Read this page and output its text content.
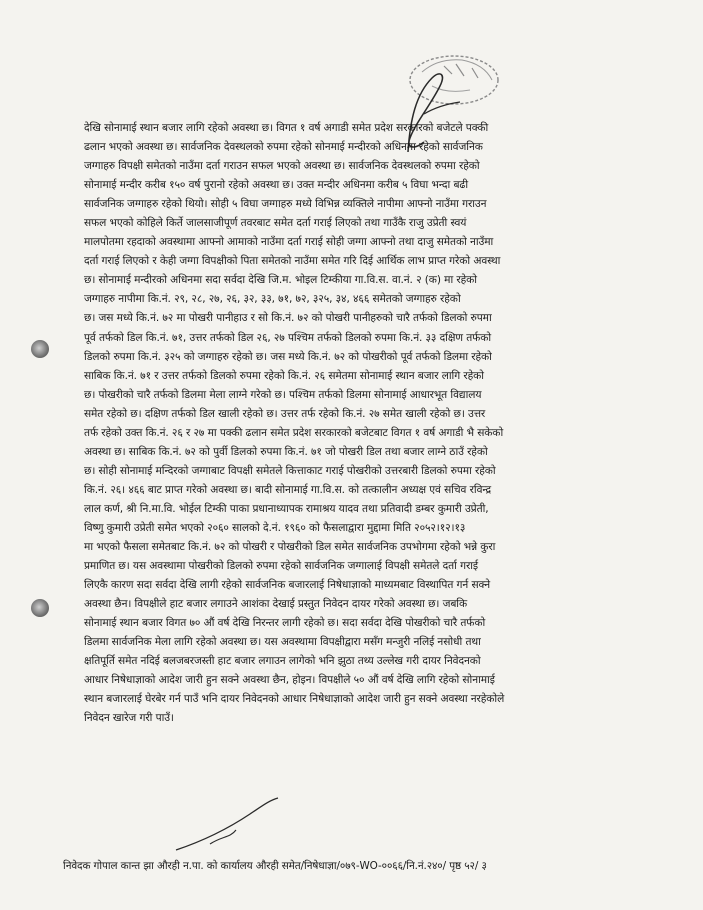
देखि सोनामाई स्थान बजार लागि रहेको अवस्था छ। विगत १ वर्ष अगाडी समेत प्रदेश सरकारको बजेटले पक्की
ढलान भएको अवस्था छ। सार्वजनिक देवस्थलको रुपमा रहेको सोनमाई मन्दीरको अधिनमा रहेको सार्वजनिक
जग्गाहरु विपक्षी समेतको नाउँमा दर्ता गराउन सफल भएको अवस्था छ। सार्वजनिक देवस्थलको रुपमा रहेको
सोनामाई मन्दीर करीब १५० वर्ष पुरानो रहेको अवस्था छ। उक्त मन्दीर अधिनमा करीब ५ विघा भन्दा बढी
सार्वजनिक जग्गाहरु रहेको थियो। सोही ५ विघा जग्गाहरु मध्ये विभिन्न व्यक्तिले नापीमा आफ्नो नाउँमा गराउन
सफल भएको कोहिले किर्ते जालसाजीपूर्ण तवरबाट समेत दर्ता गराई लिएको तथा गाउँकै राजु उप्रेती स्वयं
मालपोतमा रहदाको अवस्थामा आफ्नो आमाको नाउँमा दर्ता गराई सोही जग्गा आफ्नो तथा दाजु समेतको नाउँमा
दर्ता गराई लिएको र केही जग्गा विपक्षीको पिता समेतको नाउँमा समेत गरि दिई आर्थिक लाभ प्राप्त गरेको अवस्था
छ। सोनामाई मन्दीरको अधिनमा सदा सर्वदा देखि जि.म. भोइल टिम्कीया गा.वि.स. वा.नं. २ (क) मा रहेको
जग्गाहरु नापीमा कि.नं. २९, २८, २७, २६, ३२, ३३, ७१, ७२, ३२५, ३४, ४६६ समेतको जग्गाहरु रहेको
छ। जस मध्ये कि.नं. ७२ मा पोखरी पानीहाउ र सो कि.नं. ७२ को पोखरी पानीहरुको चारै तर्फको डिलको रुपमा
पूर्व तर्फको डिल कि.नं. ७१, उत्तर तर्फको डिल २६, २७ पश्चिम तर्फको डिलको रुपमा कि.नं. ३३ दक्षिण तर्फको
डिलको रुपमा कि.नं. ३२५ को जग्गाहरु रहेको छ। जस मध्ये कि.नं. ७२ को पोखरीको पूर्व तर्फको डिलमा रहेको
साबिक कि.नं. ७१ र उत्तर तर्फको डिलको रुपमा रहेको कि.नं. २६ समेतमा सोनामाई स्थान बजार लागि रहेको
छ। पोखरीको चारै तर्फको डिलमा मेला लाग्ने गरेको छ। पश्चिम तर्फको डिलमा सोनामाई आधारभूत विद्यालय
समेत रहेको छ। दक्षिण तर्फको डिल खाली रहेको छ। उत्तर तर्फ रहेको कि.नं. २७ समेत खाली रहेको छ। उत्तर
तर्फ रहेको उक्त कि.नं. २६ र २७ मा पक्की ढलान समेत प्रदेश सरकारको बजेटबाट विगत १ वर्ष अगाडी भै सकेको
अवस्था छ। साबिक कि.नं. ७२ को पुर्वी डिलको रुपमा कि.नं. ७१ जो पोखरी डिल तथा बजार लाग्ने ठाउँ रहेको
छ। सोही सोनामाई मन्दिरको जग्गाबाट विपक्षी समेतले कित्ताकाट गराई पोखरीको उत्तरबारी डिलको रुपमा रहेको
कि.नं. २६। ४६६ बाट प्राप्त गरेको अवस्था छ। बादी सोनामाई गा.वि.स. को तत्कालीन अध्यक्ष एवं सचिव रविन्द्र
लाल कर्ण, श्री नि.मा.वि. भोईल टिम्की पाका प्रधानाध्यापक रामाश्रय यादव तथा प्रतिवादी डम्बर कुमारी उप्रेती,
विष्णु कुमारी उप्रेती समेत भएको २०६० सालको दे.नं. १९६० को फैसलाद्वारा मुद्दामा मिति २०५२।१२।१३
मा भएको फैसला समेतबाट कि.नं. ७२ को पोखरी र पोखरीको डिल समेत सार्वजनिक उपभोगमा रहेको भन्ने कुरा
प्रमाणित छ। यस अवस्थामा पोखरीको डिलको रुपमा रहेको सार्वजनिक जग्गालाई विपक्षी समेतले दर्ता गराई
लिएकै कारण सदा सर्वदा देखि लागी रहेको सार्वजनिक बजारलाई निषेधाज्ञाको माध्यमबाट विस्थापित गर्न सक्ने
अवस्था छैन। विपक्षीले हाट बजार लगाउने आशंका देखाई प्रस्तुत निवेदन दायर गरेको अवस्था छ। जबकि
सोनामाई स्थान बजार विगत ७० औं वर्ष देखि निरन्तर लागी रहेको छ। सदा सर्वदा देखि पोखरीको चारै तर्फको
डिलमा सार्वजनिक मेला लागि रहेको अवस्था छ। यस अवस्थामा विपक्षीद्वारा मसँग मन्जुरी नलिई नसोधी तथा
क्षतिपूर्ति समेत नदिई बलजबरजस्ती हाट बजार लगाउन लागेको भनि झुठा तथ्य उल्लेख गरी दायर निवेदनको
आधार निषेधाज्ञाको आदेश जारी हुन सक्ने अवस्था छैन, होइन। विपक्षीले ५० औं वर्ष देखि लागि रहेको सोनामाई
स्थान बजारलाई घेरबेर गर्न पाउँ भनि दायर निवेदनको आधार निषेधाज्ञाको आदेश जारी हुन सक्ने अवस्था नरहेकोले
निवेदन खारेज गरी पाउँ।
निवेदक गोपाल कान्त झा औरही न.पा. को कार्यालय औरही समेत/निषेधाज्ञा/०७९-WO-००६६/नि.नं.२४०/ पृष्ठ ५२/ ३
